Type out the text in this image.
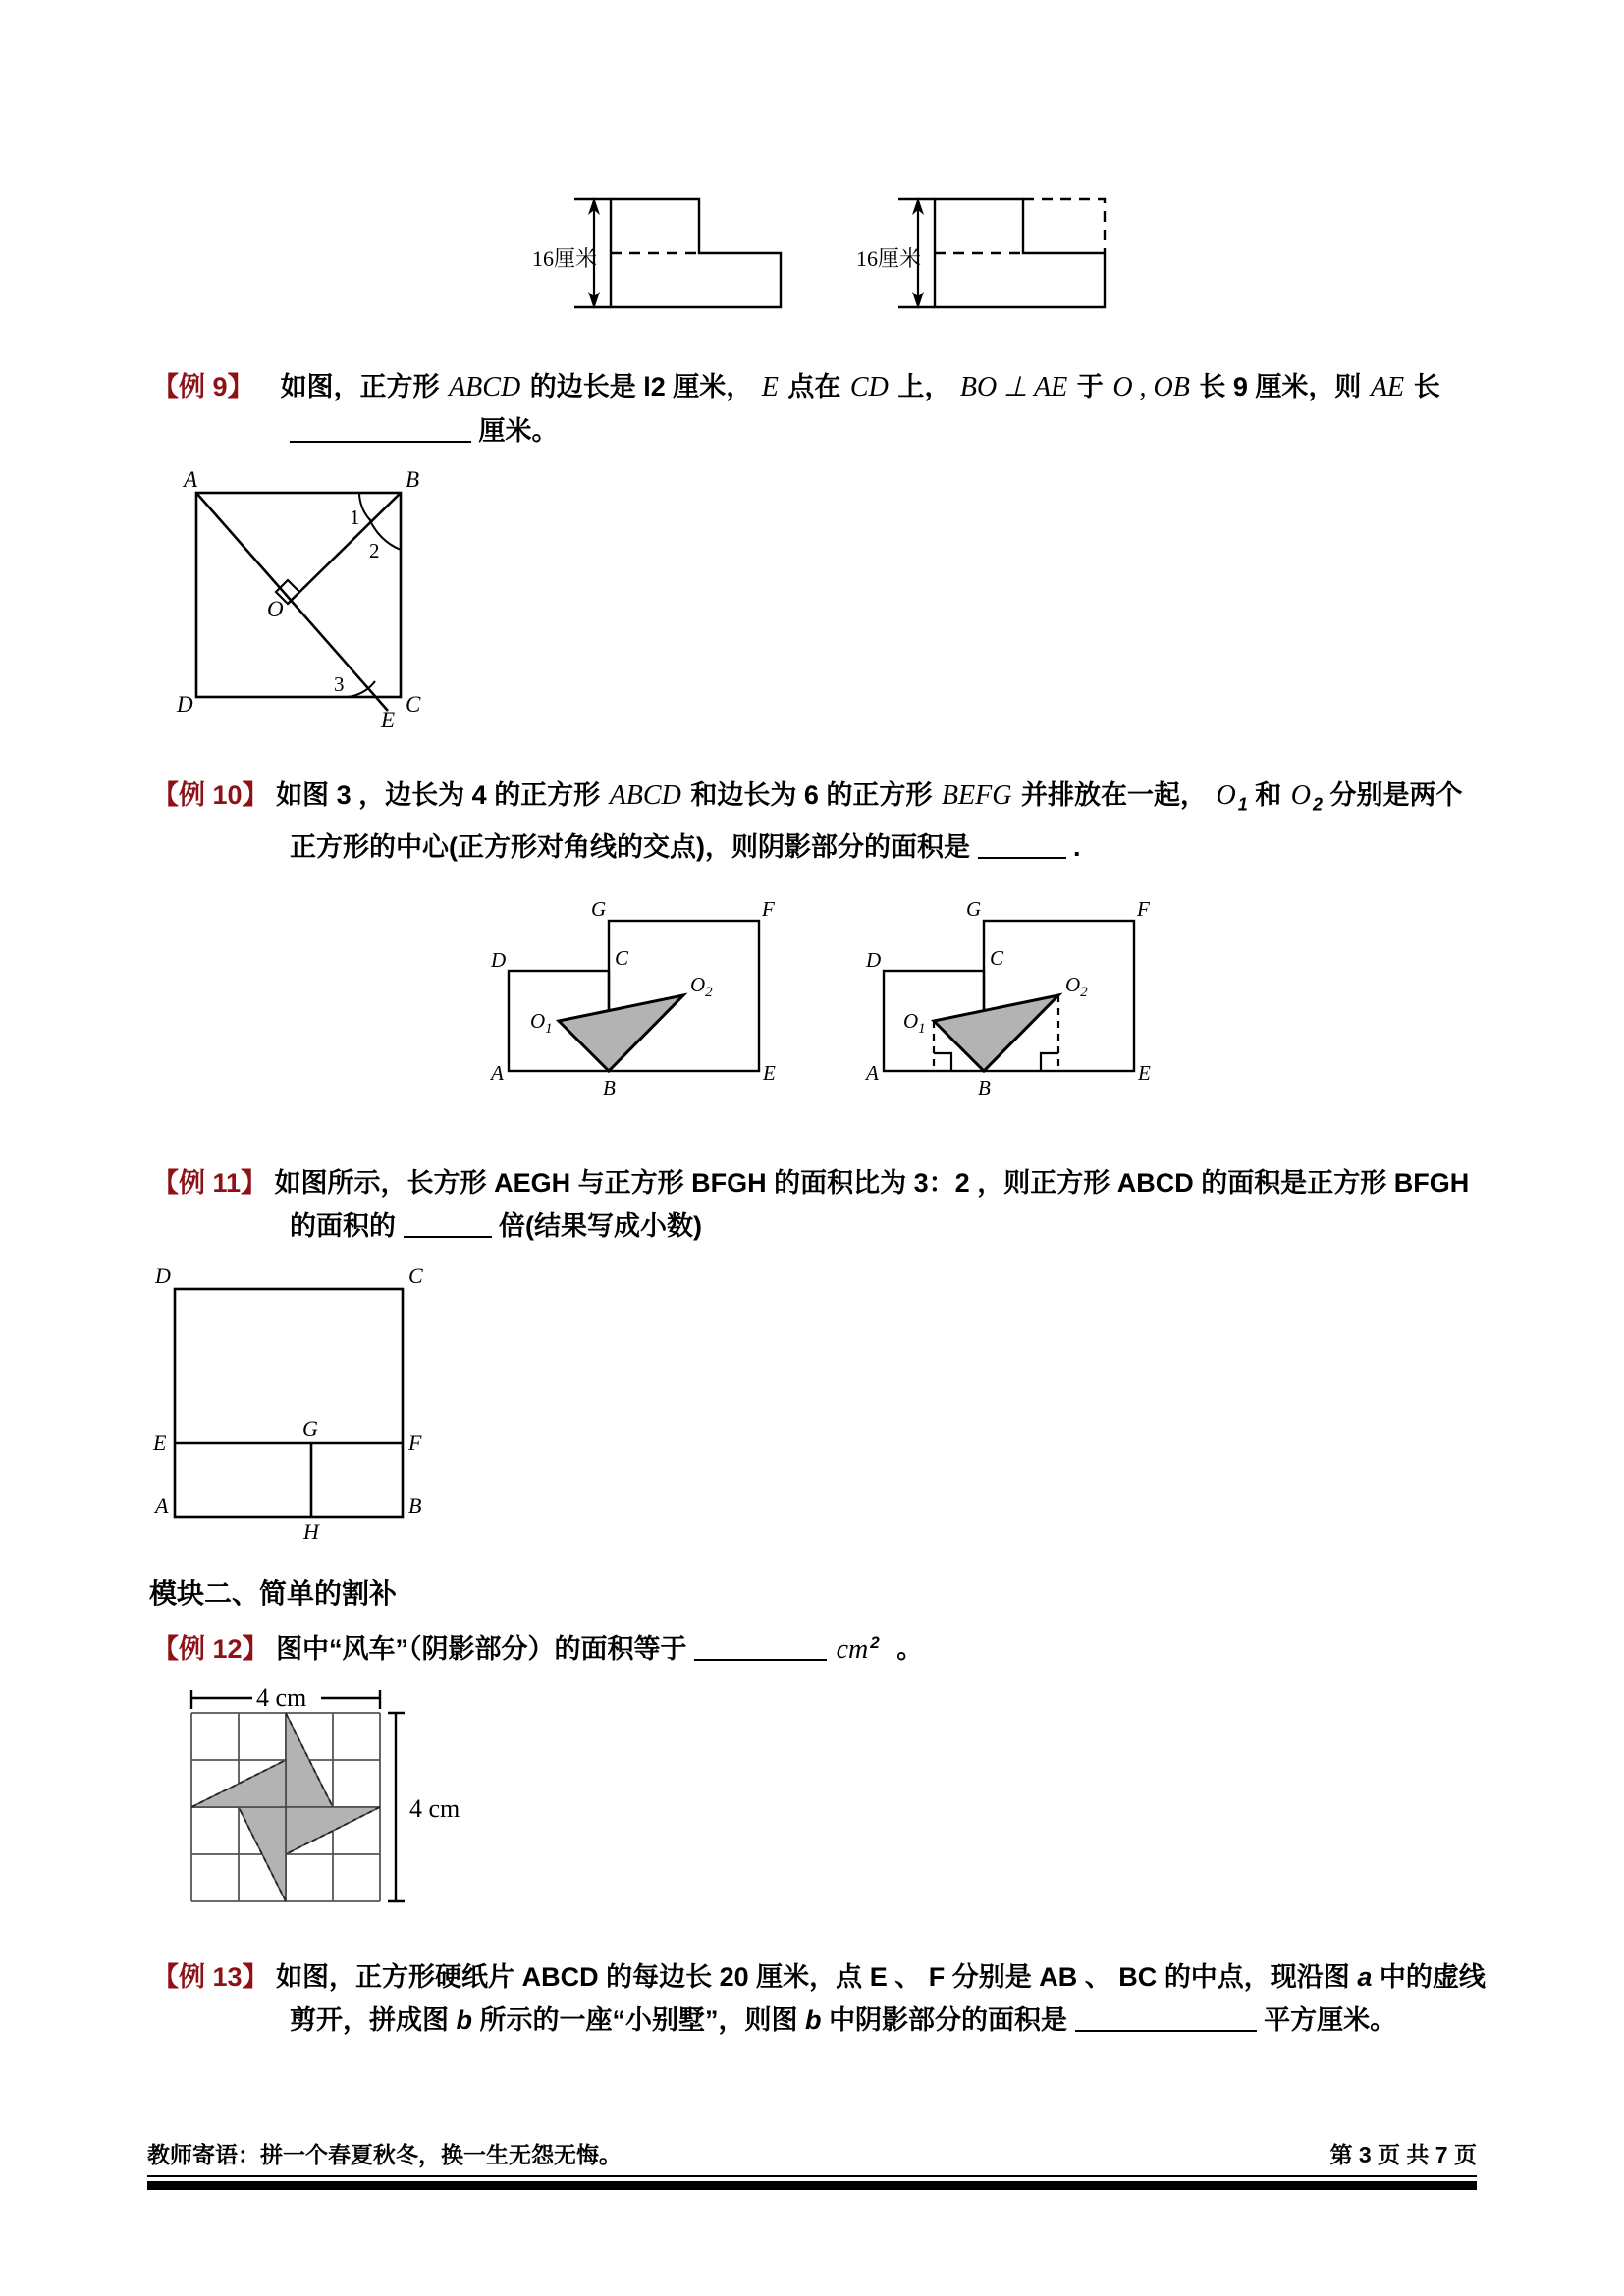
16厘米	16厘米
【例 9】 如图，正方形 ABCD 的边长是 l2 厘米， E 点在 CD 上， BO ⊥ AE 于 O , OB 长 9 厘米，则 AE 长
厘米。
A	B
C
D
E
O
1
2
3
【例 10】 如图 3 ，边长为 4 的正方形 ABCD 和边长为 6 的正方形 BEFG 并排放在一起， O $_1$ 和 O $_2$ 分别是两个
正方形的中心(正方形对角线的交点)，则阴影部分的面积是	.
A
B
C
D
E
F
G
$O_1$
$O_2$
A
B
C
D
E
F
G
$O_1$
$O_2$
【例 11】 如图所示，长方形 AEGH 与正方形 BFGH 的面积比为 3：2 ，则正方形 ABCD 的面积是正方形 BFGH
的面积的	倍(结果写成小数)
D	C
A	B
E	F
G
H
模块二、简单的割补
【例 12】 图中“风车”（阴影部分）的面积等于	cm $^2$ 。
4 cm
4 cm
【例 13】 如图，正方形硬纸片 ABCD 的每边长 20 厘米，点 E 、 F 分别是 AB 、 BC 的中点，现沿图 a 中的虚线
剪开，拼成图 b 所示的一座“小别墅”，则图 b 中阴影部分的面积是	平方厘米。
教师寄语：拼一个春夏秋冬，换一生无怨无悔。	第 3 页 共 7 页
